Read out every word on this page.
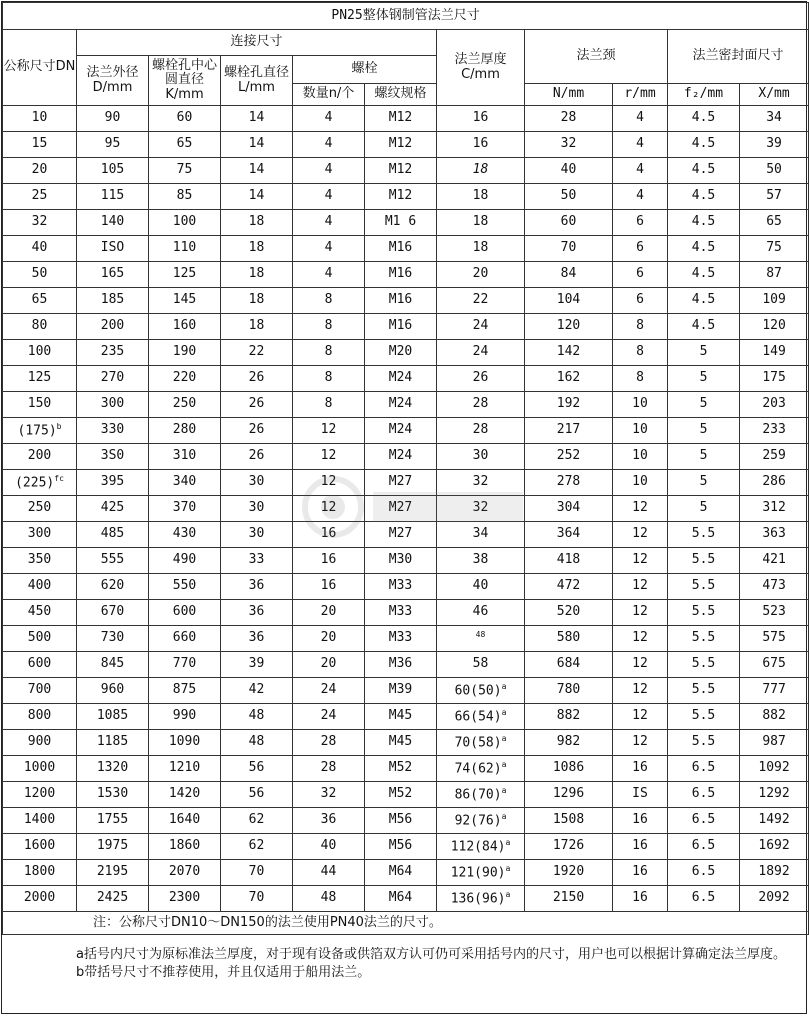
PN25整体钢制管法兰尺寸										
公称尺寸DN	连接尺寸					法兰厚度C/mm	法兰颈		法兰密封面尺寸	
	法兰外径D/mm	螺栓孔中心圆直径K/mm	螺栓孔直径 L/mm	螺栓						
				数量n/个	螺纹规格		N/mm	r/mm	f₂/mm	X/mm
10	90	60	14	4	M12	16	28	4	4.5	34
15	95	65	14	4	M12	16	32	4	4.5	39
20	105	75	14	4	M12	18	40	4	4.5	50
25	115	85	14	4	M12	18	50	4	4.5	57
32	140	100	18	4	M1 6	18	60	6	4.5	65
40	ISO	110	18	4	M16	18	70	6	4.5	75
50	165	125	18	4	M16	20	84	6	4.5	87
65	185	145	18	8	M16	22	104	6	4.5	109
80	200	160	18	8	M16	24	120	8	4.5	120
100	235	190	22	8	M20	24	142	8	5	149
125	270	220	26	8	M24	26	162	8	5	175
150	300	250	26	8	M24	28	192	10	5	203
$(175)^b$	330	280	26	12	M24	28	217	10	5	233
200	3S0	310	26	12	M24	30	252	10	5	259
$(225)^{fc}$	395	340	30	12	M27	32	278	10	5	286
250	425	370	30	12	M27	32	304	12	5	312
300	485	430	30	16	M27	34	364	12	5.5	363
350	555	490	33	16	M30	38	418	12	5.5	421
400	620	550	36	16	M33	40	472	12	5.5	473
450	670	600	36	20	M33	46	520	12	5.5	523
500	730	660	36	20	M33	$^{48}$	580	12	5.5	575
600	845	770	39	20	M36	58	684	12	5.5	675
700	960	875	42	24	M39	$60(50)^a$	780	12	5.5	777
800	1085	990	48	24	M45	$66(54)^a$	882	12	5.5	882
900	1185	1090	48	28	M45	$70(58)^a$	982	12	5.5	987
1000	1320	1210	56	28	M52	$74(62)^a$	1086	16	6.5	1092
1200	1530	1420	56	32	M52	$86(70)^a$	1296	IS	6.5	1292
1400	1755	1640	62	36	M56	$92(76)^a$	1508	16	6.5	1492
1600	1975	1860	62	40	M56	$112(84)^a$	1726	16	6.5	1692
1800	2195	2070	70	44	M64	$121(90)^a$	1920	16	6.5	1892
2000	2425	2300	70	48	M64	$136(96)^a$	2150	16	6.5	2092
注：公称尺寸DN10～DN150的法兰使用PN40法兰的尺寸。										
a括号内尺寸为原标准法兰厚度，对于现有设备或供箔双方认可仍可采用括号内的尺寸，用户也可以根据计算确定法兰厚度。
b带括号尺寸不推荐使用，并且仅适用于船用法兰。
